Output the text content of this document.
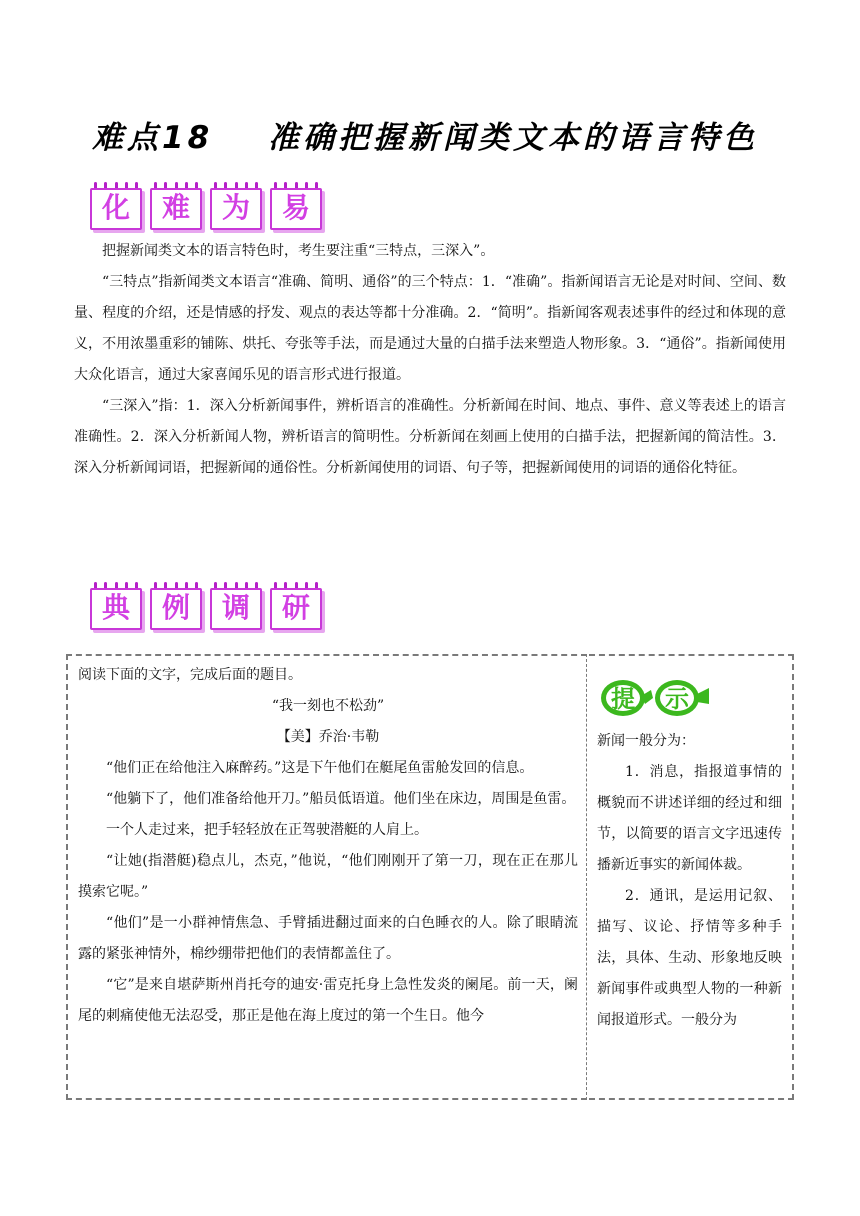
难点18 准确把握新闻类文本的语言特色
化	难	为	易

把握新闻类文本的语言特色时，考生要注重“三特点，三深入”。

“三特点”指新闻类文本语言“准确、简明、通俗”的三个特点：1．“准确”。指新闻语言无论是对时间、空间、数量、程度的介绍，还是情感的抒发、观点的表达等都十分准确。2．“简明”。指新闻客观表述事件的经过和体现的意义，不用浓墨重彩的铺陈、烘托、夸张等手法，而是通过大量的白描手法来塑造人物形象。3．“通俗”。指新闻使用大众化语言，通过大家喜闻乐见的语言形式进行报道。

“三深入”指：1．深入分析新闻事件，辨析语言的准确性。分析新闻在时间、地点、事件、意义等表述上的语言准确性。2．深入分析新闻人物，辨析语言的简明性。分析新闻在刻画上使用的白描手法，把握新闻的简洁性。3．深入分析新闻词语，把握新闻的通俗性。分析新闻使用的词语、句子等，把握新闻使用的词语的通俗化特征。

典	例	调	研

阅读下面的文字，完成后面的题目。

“我一刻也不松劲”

【美】乔治·韦勒

“他们正在给他注入麻醉药。”这是下午他们在艇尾鱼雷舱发回的信息。

“他躺下了，他们准备给他开刀。”船员低语道。他们坐在床边，周围是鱼雷。

一个人走过来，把手轻轻放在正驾驶潜艇的人肩上。

“让她(指潜艇)稳点儿，杰克，”他说，“他们刚刚开了第一刀，现在正在那儿摸索它呢。”

“他们”是一小群神情焦急、手臂插进翻过面来的白色睡衣的人。除了眼睛流露的紧张神情外，棉纱绷带把他们的表情都盖住了。

“它”是来自堪萨斯州肖托夸的迪安·雷克托身上急性发炎的阑尾。前一天，阑尾的刺痛使他无法忍受，那正是他在海上度过的第一个生日。他今

提 示

新闻一般分为：

1．消息，指报道事情的概貌而不讲述详细的经过和细节，以简要的语言文字迅速传播新近事实的新闻体裁。

2．通讯，是运用记叙、描写、议论、抒情等多种手法，具体、生动、形象地反映新闻事件或典型人物的一种新闻报道形式。一般分为
